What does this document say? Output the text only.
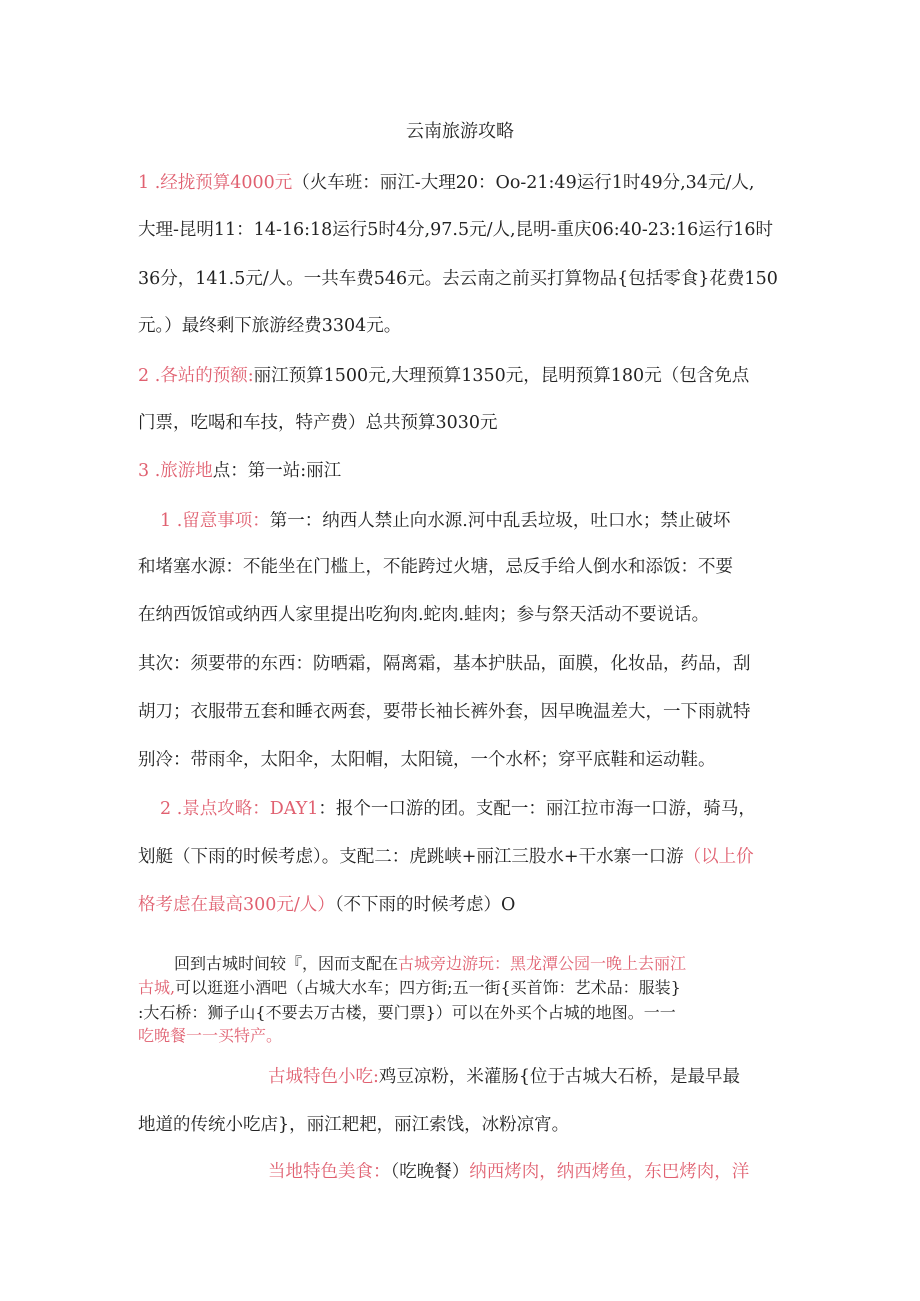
云南旅游攻略
1 .经拢预算4000元（火车班：丽江-大理20：Oo-21:49运行1时49分,34元/人,
大理-昆明11：14-16:18运行5时4分,97.5元/人,昆明-重庆06:40-23:16运行16时
36分，141.5元/人。一共车费546元。去云南之前买打算物品{包括零食}花费150
元。）最终剩下旅游经费3304元。
2 .各站的预额:丽江预算1500元,大理预算1350元，昆明预算180元（包含免点
门票，吃喝和车技，特产费）总共预算3030元
3 .旅游地点：第一站:丽江
1 .留意事项：第一：纳西人禁止向水源.河中乱丢垃圾，吐口水；禁止破坏
和堵塞水源：不能坐在门槛上，不能跨过火塘，忌反手给人倒水和添饭：不要
在纳西饭馆或纳西人家里提出吃狗肉.蛇肉.蛙肉；参与祭天活动不要说话。
其次：须要带的东西：防晒霜，隔离霜，基本护肤品，面膜，化妆品，药品，刮
胡刀；衣服带五套和睡衣两套，要带长袖长裤外套，因早晚温差大，一下雨就特
别冷：带雨伞，太阳伞，太阳帽，太阳镜，一个水杯；穿平底鞋和运动鞋。
2 .景点攻略：DAY1：报个一口游的团。支配一：丽江拉市海一口游，骑马，
划艇（下雨的时候考虑）。支配二：虎跳峡+丽江三股水+干水寨一口游（以上价
格考虑在最高300元/人）（不下雨的时候考虑）O
回到古城时间较『，因而支配在古城旁边游玩：黑龙潭公园一晚上去丽江
古城,可以逛逛小酒吧（占城大水车；四方街;五一街{买首饰：艺术品：服装}
:大石桥：狮子山{不要去万古楼，要门票}）可以在外买个占城的地图。一一
吃晚餐一一买特产。
古城特色小吃:鸡豆凉粉，米灌肠{位于古城大石桥，是最早最
地道的传统小吃店}，丽江耙耙，丽江索饯，冰粉凉宵。
当地特色美食：（吃晚餐）纳西烤肉，纳西烤鱼，东巴烤肉，洋
